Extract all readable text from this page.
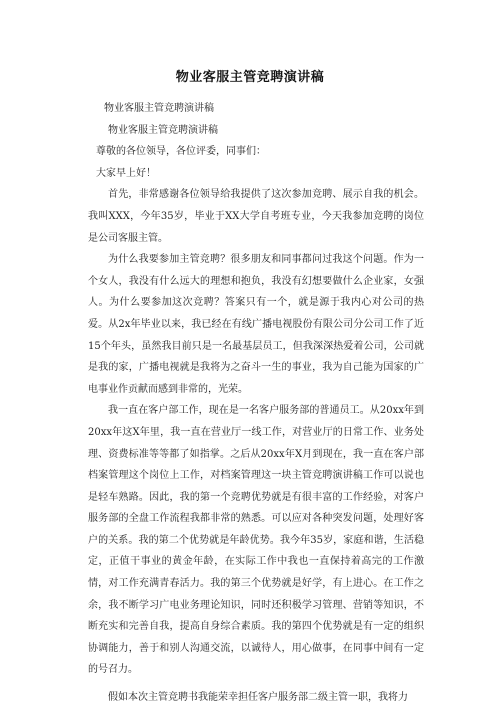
物业客服主管竞聘演讲稿

物业客服主管竞聘演讲稿

物业客服主管竞聘演讲稿

尊敬的各位领导，各位评委，同事们：

大家早上好！

首先，非常感谢各位领导给我提供了这次参加竞聘、展示自我的机会。我叫XXX，今年35岁，毕业于XX大学自考班专业，今天我参加竞聘的岗位是公司客服主管。

为什么我要参加主管竞聘？很多朋友和同事都问过我这个问题。作为一个女人，我没有什么远大的理想和抱负，我没有幻想要做什么企业家，女强人。为什么要参加这次竞聘？答案只有一个，就是源于我内心对公司的热爱。从2x年毕业以来，我已经在有线广播电视股份有限公司分公司工作了近15个年头，虽然我目前只是一名最基层员工，但我深深热爱着公司，公司就是我的家，广播电视就是我将为之奋斗一生的事业，我为自己能为国家的广电事业作贡献而感到非常的，光荣。

我一直在客户部工作，现在是一名客户服务部的普通员工。从20xx年到20xx年这X年里，我一直在营业厅一线工作，对营业厅的日常工作、业务处理、资费标准等等都了如指掌。之后从20xx年X月到现在，我一直在客户部档案管理这个岗位上工作，对档案管理这一块主管竞聘演讲稿工作可以说也是轻车熟路。因此，我的第一个竞聘优势就是有很丰富的工作经验，对客户服务部的全盘工作流程我都非常的熟悉。可以应对各种突发问题，处理好客户的关系。我的第二个优势就是年龄优势。我今年35岁，家庭和谐，生活稳定，正值干事业的黄金年龄，在实际工作中我也一直保持着高完的工作激情，对工作充满青春活力。我的第三个优势就是好学，有上进心。在工作之余，我不断学习广电业务理论知识，同时还积极学习管理、营销等知识，不断充实和完善自我，提高自身综合素质。我的第四个优势就是有一定的组织协调能力，善于和别人沟通交流，以诚待人，用心做事，在同事中间有一定的号召力。

假如本次主管竞聘书我能荣幸担任客户服务部二级主管一职，我将力
